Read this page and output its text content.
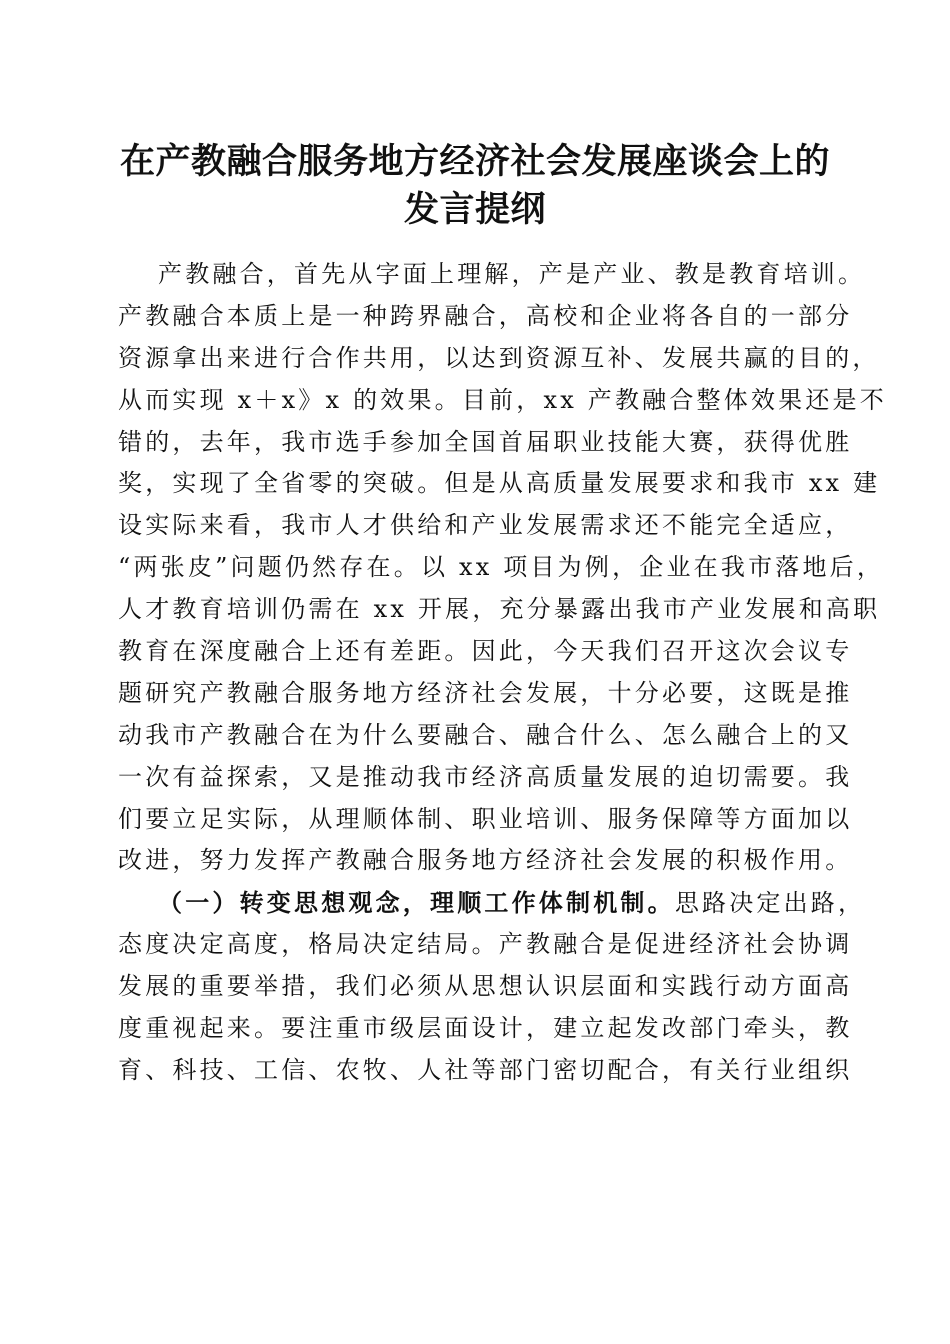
在产教融合服务地方经济社会发展座谈会上的
发言提纲
产教融合，首先从字面上理解，产是产业、教是教育培训。
产教融合本质上是一种跨界融合，高校和企业将各自的一部分
资源拿出来进行合作共用，以达到资源互补、发展共赢的目的，
从而实现 x＋x》x 的效果。目前，xx 产教融合整体效果还是不
错的，去年，我市选手参加全国首届职业技能大赛，获得优胜
奖，实现了全省零的突破。但是从高质量发展要求和我市 xx 建
设实际来看，我市人才供给和产业发展需求还不能完全适应，
“两张皮”问题仍然存在。以 xx 项目为例，企业在我市落地后，
人才教育培训仍需在 xx 开展，充分暴露出我市产业发展和高职
教育在深度融合上还有差距。因此，今天我们召开这次会议专
题研究产教融合服务地方经济社会发展，十分必要，这既是推
动我市产教融合在为什么要融合、融合什么、怎么融合上的又
一次有益探索，又是推动我市经济高质量发展的迫切需要。我
们要立足实际，从理顺体制、职业培训、服务保障等方面加以
改进，努力发挥产教融合服务地方经济社会发展的积极作用。
（一）转变思想观念，理顺工作体制机制。思路决定出路，
态度决定高度，格局决定结局。产教融合是促进经济社会协调
发展的重要举措，我们必须从思想认识层面和实践行动方面高
度重视起来。要注重市级层面设计，建立起发改部门牵头，教
育、科技、工信、农牧、人社等部门密切配合，有关行业组织
